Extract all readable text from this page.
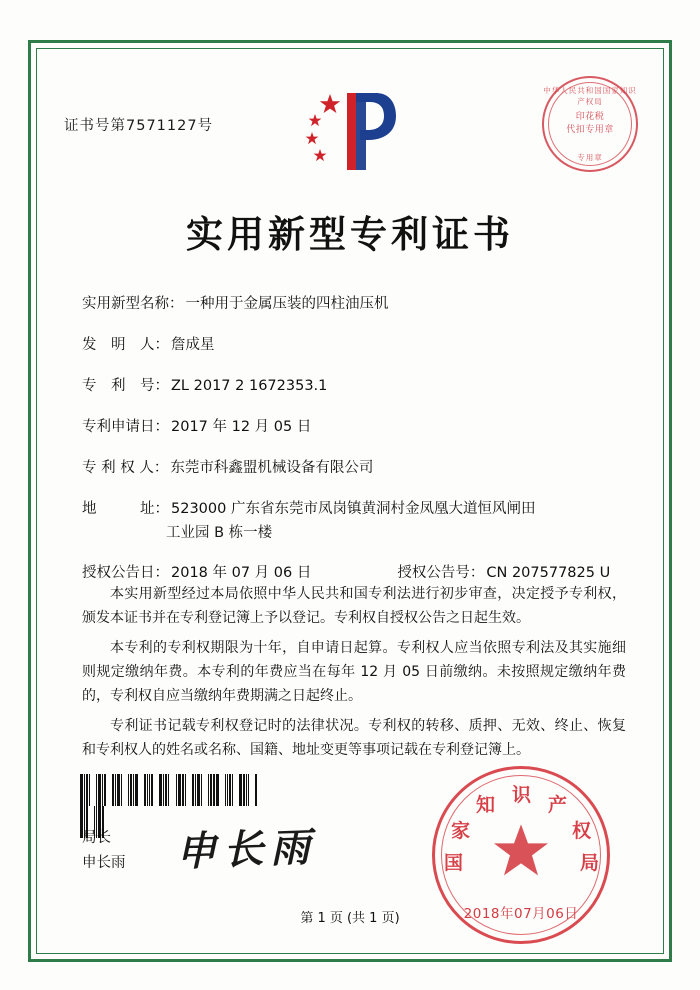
证书号第7571127号
中华人民共和国国家知识产权局
印花税
代扣专用章
专用章
实用新型专利证书
实用新型名称： 一种用于金属压装的四柱油压机
发　明　人： 詹成星
专　利　号： ZL 2017 2 1672353.1
专利申请日： 2017 年 12 月 05 日
专 利 权 人： 东莞市科鑫盟机械设备有限公司
地　　　址： 523000 广东省东莞市凤岗镇黄洞村金凤凰大道恒风闸田
工业园 B 栋一楼
授权公告日： 2018 年 07 月 06 日	授权公告号： CN 207577825 U

本实用新型经过本局依照中华人民共和国专利法进行初步审查，决定授予专利权，颁发本证书并在专利登记簿上予以登记。专利权自授权公告之日起生效。

本专利的专利权期限为十年，自申请日起算。专利权人应当依照专利法及其实施细则规定缴纳年费。本专利的年费应当在每年 12 月 05 日前缴纳。未按照规定缴纳年费的，专利权自应当缴纳年费期满之日起终止。

专利证书记载专利权登记时的法律状况。专利权的转移、质押、无效、终止、恢复和专利权人的姓名或名称、国籍、地址变更等事项记载在专利登记簿上。

局长
申长雨 申长雨	国
家
知 识 产
权
局
2018年07月06日
第 1 页 (共 1 页)
